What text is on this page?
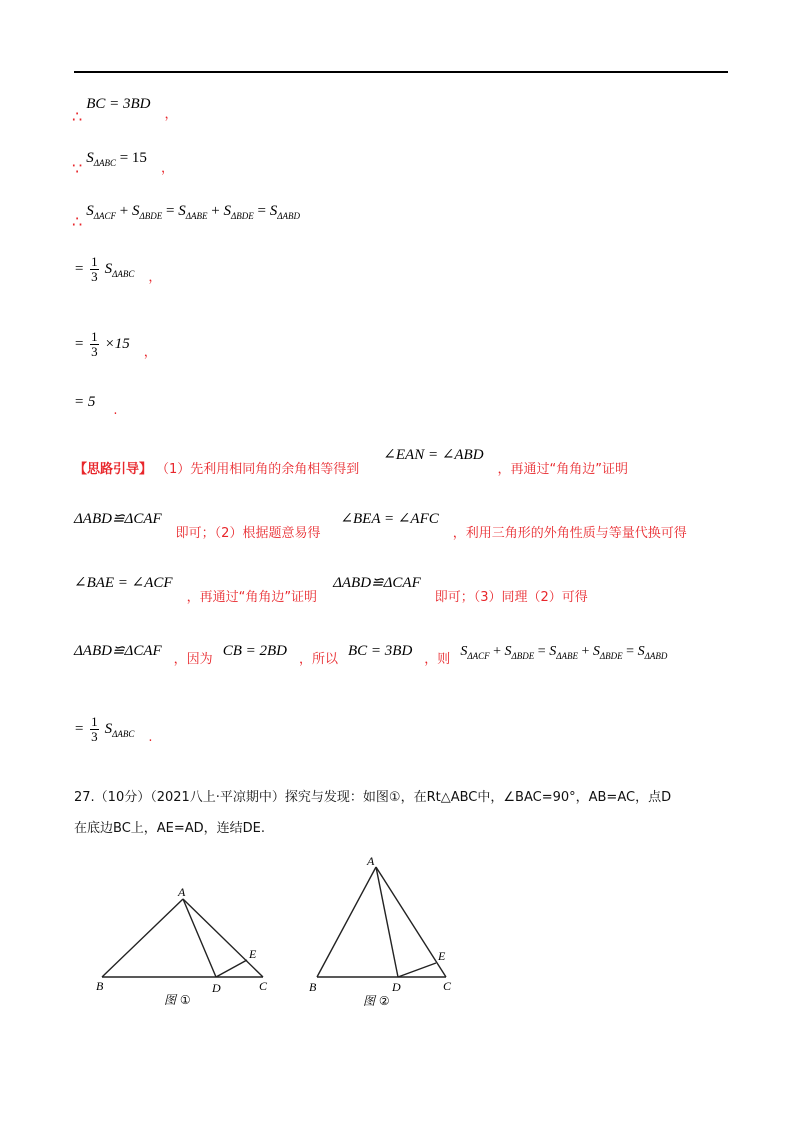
∴ BC = 3BD $_,$
∵ $S_{\Delta ABC} = 15$ $_,$
∴ $S_{\Delta ACF} + S_{\Delta BDE} = S_{\Delta ABE} + S_{\Delta BDE} = S_{\Delta ABD}$
= $\frac{1}{3} S_{\Delta ABC}$ $_,$
= $\frac{1}{3} \times 15$ $_,$
= 5 $_.$
$_{【思路引导】}$ $_{(1)先利用相同角的余角相等得到}$ ∠EAN = ∠ABD $_{,再通过“角角边”证明}$
ΔABD≌ΔCAF $_{即可;(2)根据题意易得}$ ∠BEA = ∠AFC $_{,利用三角形的外角性质与等量代换可得}$
∠BAE = ∠ACF $_{,再通过“角角边”证明}$ ΔABD≌ΔCAF $_{即可;(3)同理(2)可得}$
ΔABD≌ΔCAF $_{,因为}$ CB = 2BD $_{,所以}$ BC = 3BD $_{,则}$ $S_{\Delta ACF} + S_{\Delta BDE} = S_{\Delta ABE} + S_{\Delta BDE} = S_{\Delta ABD}$
= $\frac{1}{3} S_{\Delta ABC}$ $_.$
27.（10分）（2021八上·平凉期中）探究与发现：如图①，在Rt△ABC中，∠BAC=90°，AB=AC，点D
在底边BC上，AE=AD，连结DE.
A
B	C
D
E
图 ①
A
B	C
D
E
图 ②
